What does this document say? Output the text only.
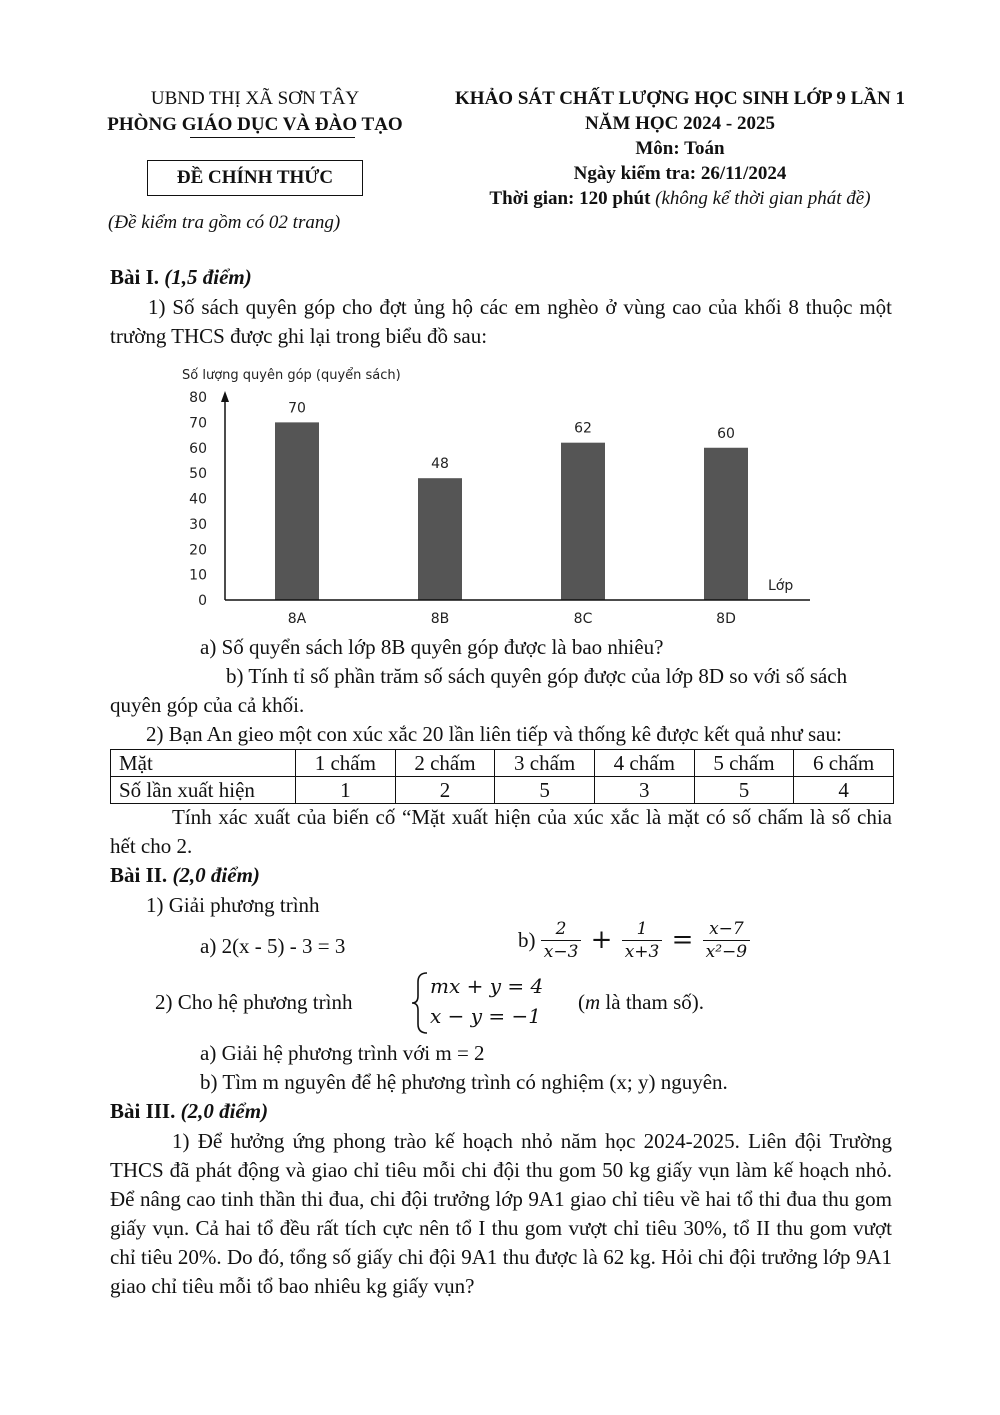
UBND THỊ XÃ SƠN TÂY
PHÒNG GIÁO DỤC VÀ ĐÀO TẠO
ĐỀ CHÍNH THỨC
(Đề kiểm tra gồm có 02 trang)
KHẢO SÁT CHẤT LƯỢNG HỌC SINH LỚP 9 LẦN 1
NĂM HỌC 2024 - 2025
Môn: Toán
Ngày kiểm tra: 26/11/2024
Thời gian: 120 phút (không kể thời gian phát đề)
Bài I. (1,5 điểm)
1) Số sách quyên góp cho đợt ủng hộ các em nghèo ở vùng cao của khối 8 thuộc một trường THCS được ghi lại trong biểu đồ sau:
Số lượng quyên góp (quyển sách)
Lớp
0
10
20
30
40
50
60
70
80
8A	8B	8C	8D
70
48
62	60
a) Số quyển sách lớp 8B quyên góp được là bao nhiêu?
b) Tính tỉ số phần trăm số sách quyên góp được của lớp 8D so với số sách
quyên góp của cả khối.
2) Bạn An gieo một con xúc xắc 20 lần liên tiếp và thống kê được kết quả như sau:
Mặt	1 chấm	2 chấm	3 chấm	4 chấm	5 chấm	6 chấm
Số lần xuất hiện	1	2	5	3	5	4
Tính xác xuất của biến cố “Mặt xuất hiện của xúc xắc là mặt có số chấm là số chia hết cho 2.
Bài II. (2,0 điểm)
1) Giải phương trình
a) 2(x - 5) - 3 = 3	$b) \frac{2}{x-3} + \frac{1}{x+3} = \frac{x-7}{\text{x²−9}}$
2) Cho hệ phương trình
mx + y = 4
x − y = −1
(m là tham số).
a) Giải hệ phương trình với m = 2
b) Tìm m nguyên để hệ phương trình có nghiệm (x; y) nguyên.
Bài III. (2,0 điểm)
1) Để hưởng ứng phong trào kế hoạch nhỏ năm học 2024-2025. Liên đội Trường THCS đã phát động và giao chỉ tiêu mỗi chi đội thu gom 50 kg giấy vụn làm kế hoạch nhỏ. Để nâng cao tinh thần thi đua, chi đội trưởng lớp 9A1 giao chỉ tiêu về hai tổ thi đua thu gom giấy vụn. Cả hai tổ đều rất tích cực nên tổ I thu gom vượt chỉ tiêu 30%, tổ II thu gom vượt chỉ tiêu 20%. Do đó, tổng số giấy chi đội 9A1 thu được là 62 kg. Hỏi chi đội trưởng lớp 9A1 giao chỉ tiêu mỗi tổ bao nhiêu kg giấy vụn?
